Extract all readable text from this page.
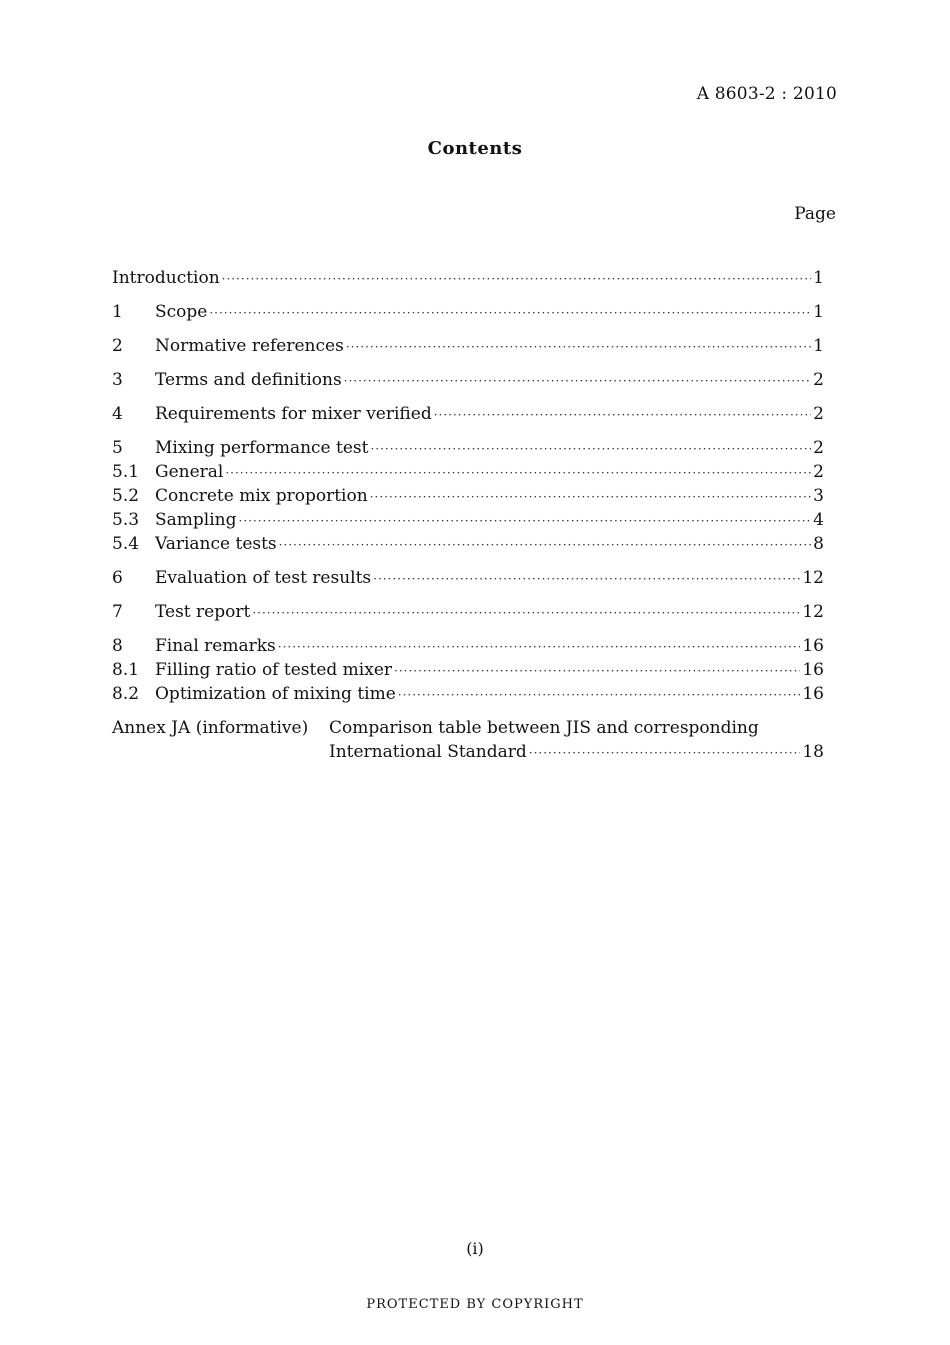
A 8603-2 : 2010
Contents
Page
Introduction ·····	1
1	Scope ·····	1
2	Normative references ·····	1
3	Terms and definitions ·····	2
4	Requirements for mixer verified ·····	2
5	Mixing performance test ·····	2
5.1 General ·····	2
5.2 Concrete mix proportion ·····	3
5.3 Sampling ·····	4
5.4 Variance tests ·····	8
6	Evaluation of test results ·····	12
7	Test report ·····	12
8	Final remarks ·····	16
8.1 Filling ratio of tested mixer ·····	16
8.2 Optimization of mixing time ·····	16
Annex JA (informative)	Comparison table between JIS and corresponding
International Standard ·····	18
(i)
PROTECTED BY COPYRIGHT
